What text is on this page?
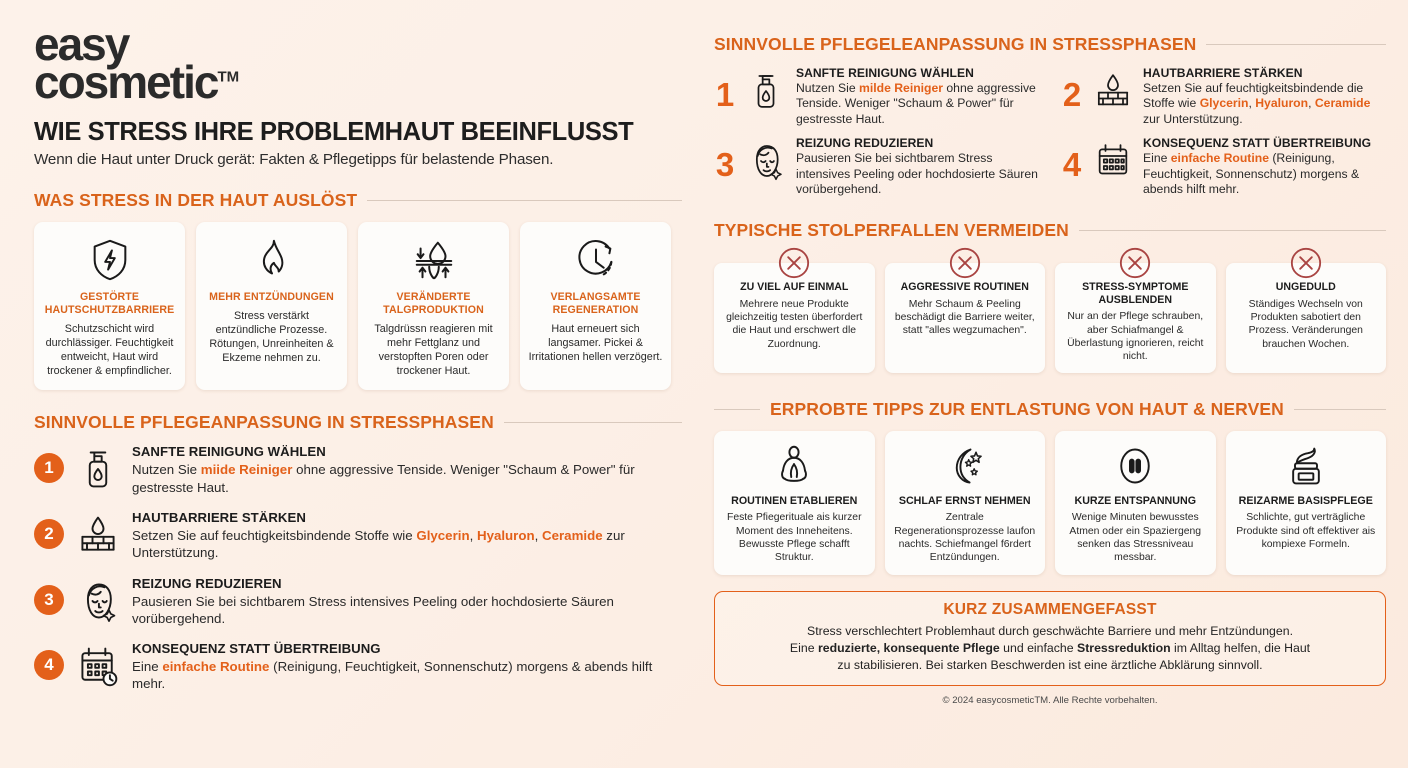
easy
cosmetic™
WIE STRESS IHRE PROBLEMHAUT BEEINFLUSST
Wenn die Haut unter Druck gerät: Fakten & Pflegetipps für belastende Phasen.
WAS STRESS IN DER HAUT AUSLÖST
GESTÖRTE HAUTSCHUTZBARRIERE
Schutzschicht wird durchlässiger. Feuchtigkeit entweicht, Haut wird trockener & empfindlicher.
MEHR ENTZÜNDUNGEN
Stress verstärkt entzündliche Prozesse. Rötungen, Unreinheiten & Ekzeme nehmen zu.
VERÄNDERTE TALGPRODUKTION
Talgdrüssn reagieren mit mehr Fettglanz und verstopften Poren oder trockener Haut.
VERLANGSAMTE REGENERATION
Haut erneuert sich langsamer. Pickei & Irritationen hellen verzögert.
SINNVOLLE PFLEGEANPASSUNG IN STRESSPHASEN
1
SANFTE REINIGUNG WÄHLEN
Nutzen Sie miide Reiniger ohne aggressive Tenside. Weniger "Schaum & Power" für gestresste Haut.
2
HAUTBARRIERE STÄRKEN
Setzen Sie auf feuchtigkeitsbindende Stoffe wie Glycerin, Hyaluron, Ceramide zur Unterstützung.
3
REIZUNG REDUZIEREN
Pausieren Sie bei sichtbarem Stress intensives Peeling oder hochdosierte Säuren vorübergehend.
4
KONSEQUENZ STATT ÜBERTREIBUNG
Eine einfache Routine (Reinigung, Feuchtigkeit, Sonnenschutz) morgens & abends hilft mehr.
SINNVOLLE PFLEGELEANPASSUNG IN STRESSPHASEN
1
SANFTE REINIGUNG WÄHLEN
Nutzen Sie milde Reiniger ohne aggressive Tenside. Weniger "Schaum & Power" für gestresste Haut.
2
HAUTBARRIERE STÄRKEN
Setzen Sie auf feuchtigkeitsbindende die Stoffe wie Glycerin, Hyaluron, Ceramide zur Unterstützung.
3
REIZUNG REDUZIEREN
Pausieren Sie bei sichtbarem Stress intensives Peeling oder hochdosierte Säuren vorübergehend.
4
KONSEQUENZ STATT ÜBERTREIBUNG
Eine einfache Routine (Reinigung, Feuchtigkeit, Sonnenschutz) morgens & abends hilft mehr.
TYPISCHE STOLPERFALLEN VERMEIDEN
ZU VIEL AUF EINMAL
Mehrere neue Produkte gleichzeitig testen überfordert die Haut und erschwert dle Zuordnung.
AGGRESSIVE ROUTINEN
Mehr Schaum & Peeling beschädigt die Barriere weiter, statt "alles wegzumachen".
STRESS-SYMPTOME AUSBLENDEN
Nur an der Pflege schrauben, aber Schiafmangel & Überlastung ignorieren, reicht nicht.
UNGEDULD
Ständiges Wechseln von Produkten sabotiert den Prozess. Veränderungen brauchen Wochen.
ERPROBTE TIPPS ZUR ENTLASTUNG VON HAUT & NERVEN
ROUTINEN ETABLIEREN
Feste Pfiegerituale ais kurzer Moment des Inneheitens. Bewusste Pflege schafft Struktur.
SCHLAF ERNST NEHMEN
Zentrale Regenerationsprozesse laufon nachts. Schiefmangel f6rdert Entzündungen.
KURZE ENTSPANNUNG
Wenige Minuten bewusstes Atmen oder ein Spaziergeng senken das Stressniveau messbar.
REIZARME BASISPFLEGE
Schlichte, gut verträgliche Produkte sind oft effektiver ais kompiexe Formeln.
KURZ ZUSAMMENGEFASST
Stress verschlechtert Problemhaut durch geschwächte Barriere und mehr Entzündungen.
Eine reduzierte, konsequente Pflege und einfache Stressreduktion im Alltag helfen, die Haut
zu stabilisieren. Bei starken Beschwerden ist eine ärztliche Abklärung sinnvoll.
© 2024 easycosmeticTM. Alle Rechte vorbehalten.
